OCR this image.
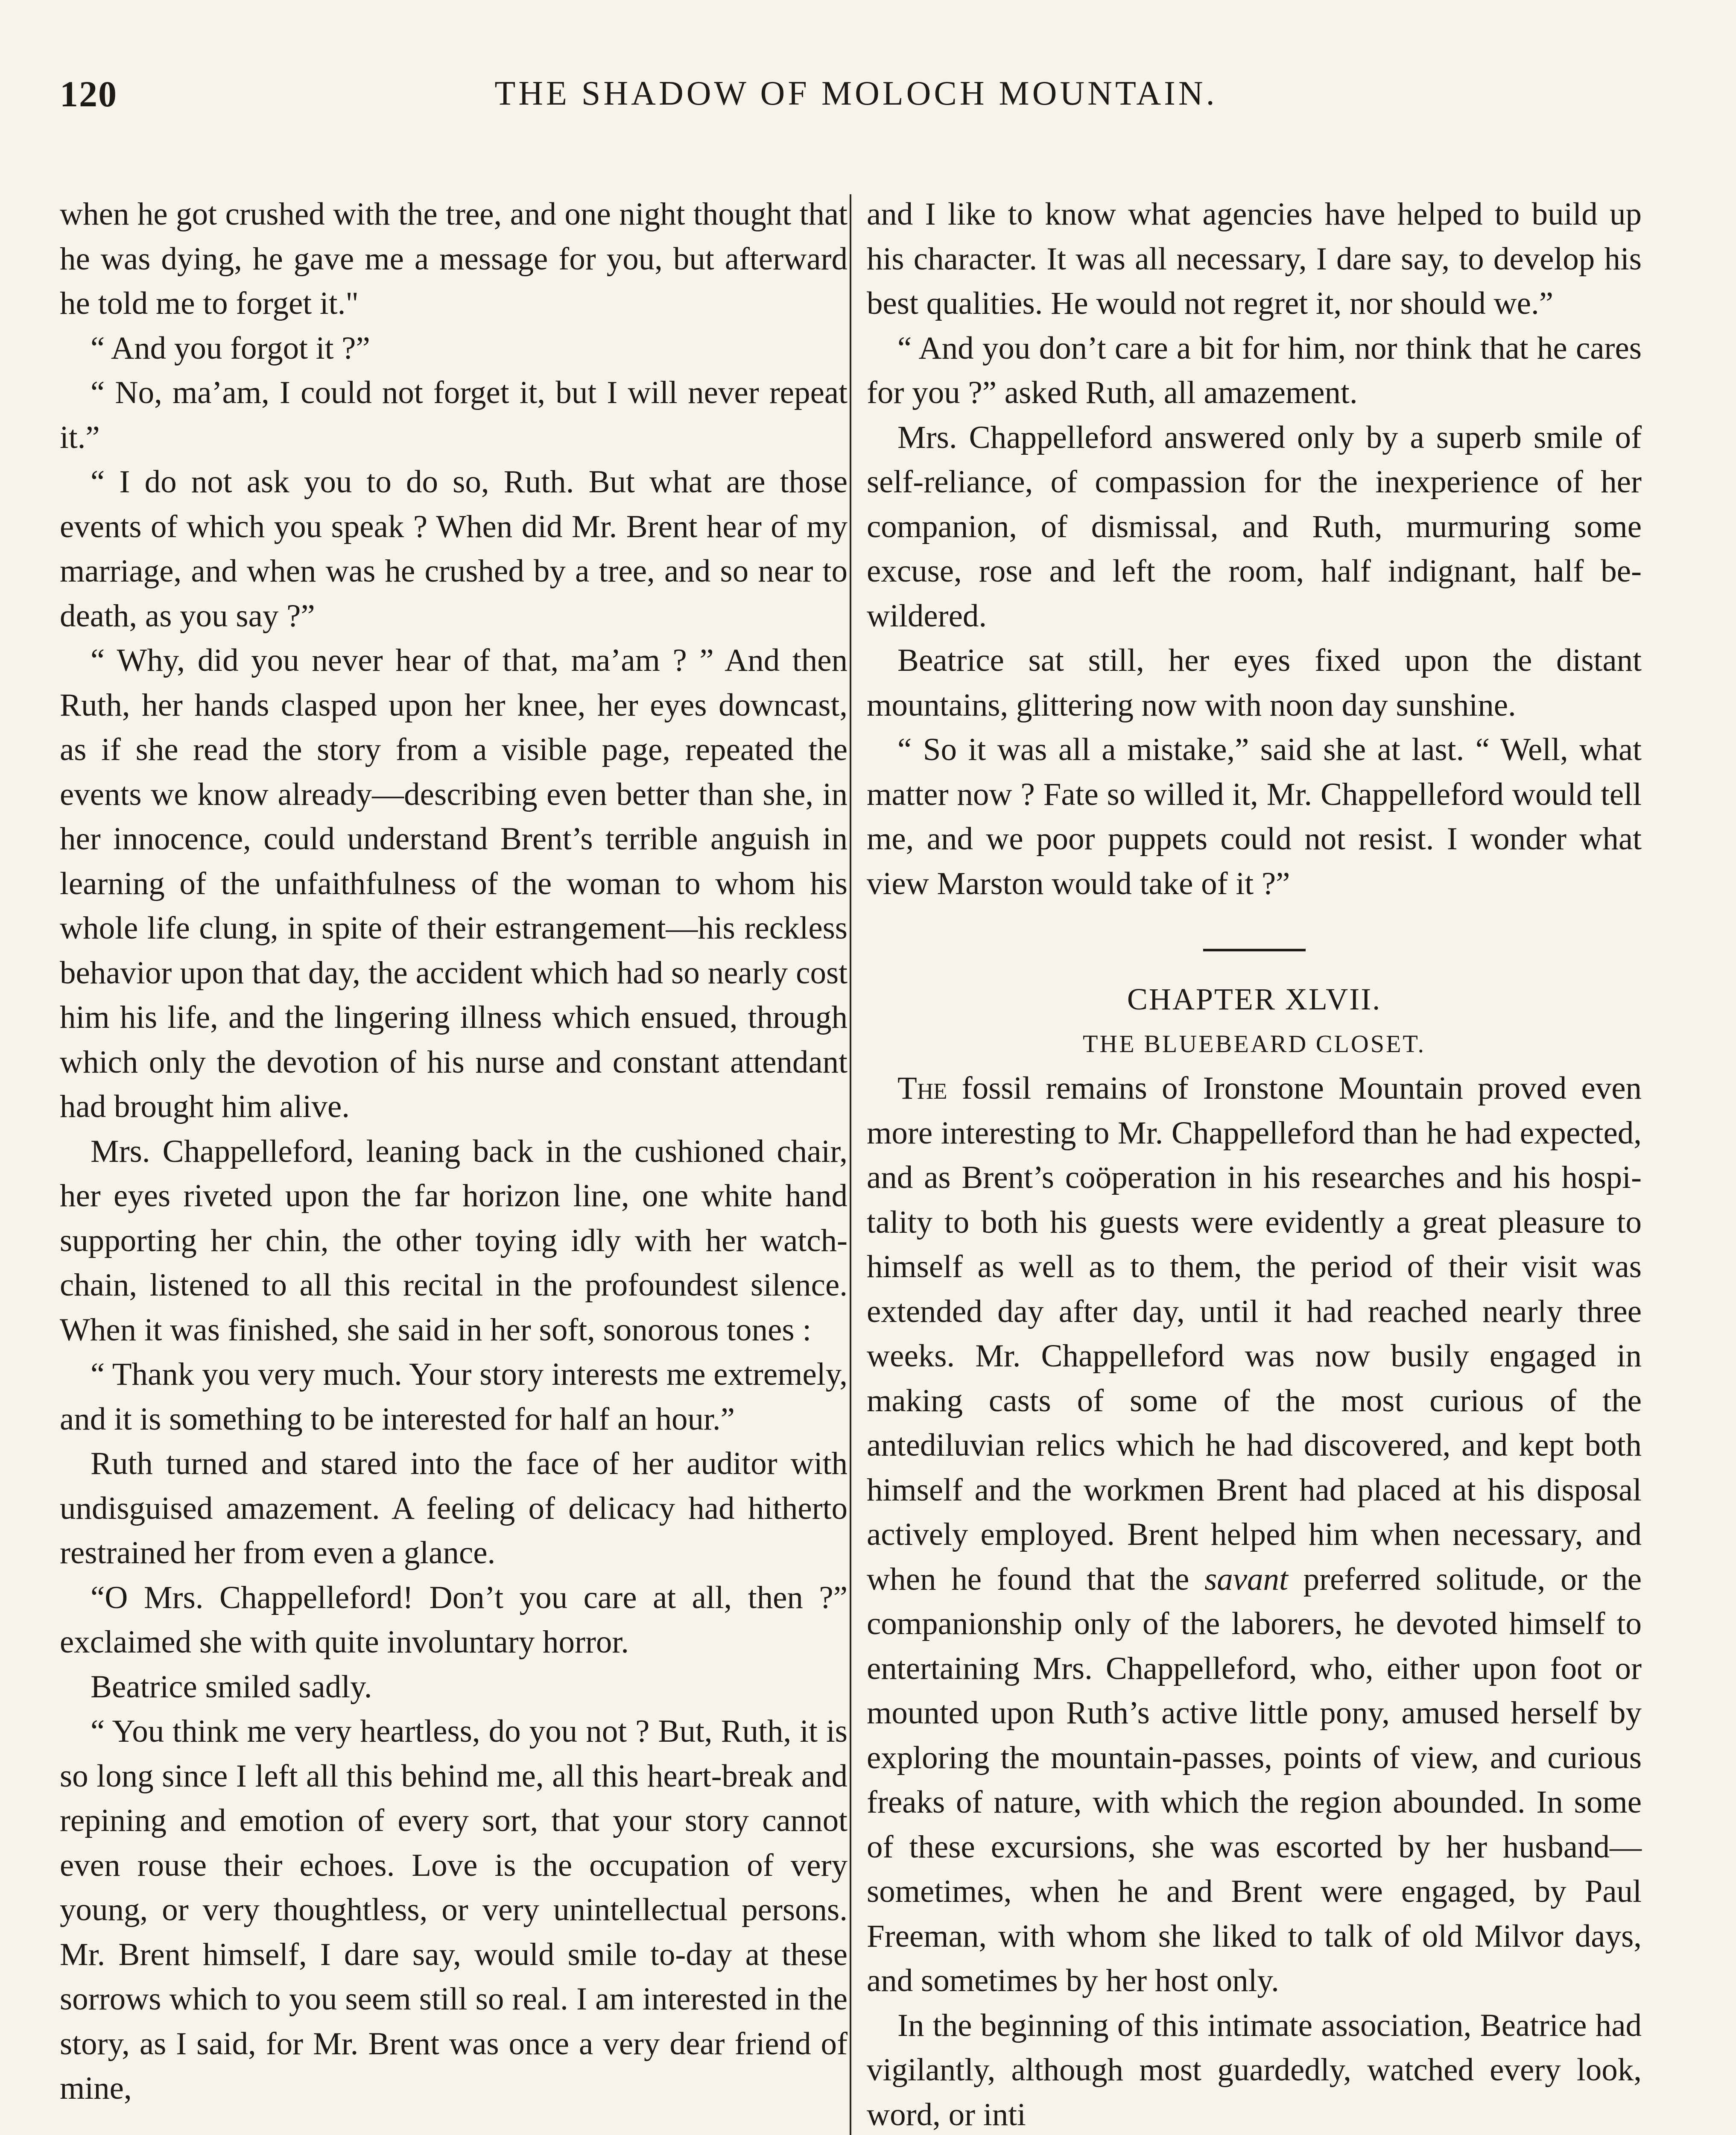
120	THE SHADOW OF MOLOCH MOUNTAIN.

when he got crushed with the tree, and one night thought that he was dying, he gave me a message for you, but afterward he told me to forget it."

“ And you forgot it ?”

“ No, ma’am, I could not forget it, but I will never repeat it.”

“ I do not ask you to do so, Ruth. But what are those events of which you speak ? When did Mr. Brent hear of my marriage, and when was he crushed by a tree, and so near to death, as you say ?”

“ Why, did you never hear of that, ma’am ? ” And then Ruth, her hands clasped upon her knee, her eyes downcast, as if she read the story from a visible page, repeated the events we know already—describing even better than she, in her innocence, could understand Brent’s terrible anguish in learning of the unfaithfulness of the woman to whom his whole life clung, in spite of their estrangement—his reckless behavior upon that day, the accident which had so nearly cost him his life, and the lingering illness which ensued, through which only the devotion of his nurse and constant attendant had brought him alive.

Mrs. Chappelleford, leaning back in the cushioned chair, her eyes riveted upon the far horizon line, one white hand supporting her chin, the other toying idly with her watch-chain, listened to all this recital in the profoundest silence. When it was finished, she said in her soft, sonorous tones :

“ Thank you very much. Your story interests me extremely, and it is something to be interested for half an hour.”

Ruth turned and stared into the face of her auditor with undisguised amazement. A feeling of delicacy had hitherto restrained her from even a glance.

“O Mrs. Chappelleford! Don’t you care at all, then ?” exclaimed she with quite involuntary horror.

Beatrice smiled sadly.

“ You think me very heartless, do you not ? But, Ruth, it is so long since I left all this behind me, all this heart-break and repining and emotion of every sort, that your story cannot even rouse their echoes. Love is the occupation of very young, or very thoughtless, or very unintellectual persons. Mr. Brent himself, I dare say, would smile to-day at these sorrows which to you seem still so real. I am interested in the story, as I said, for Mr. Brent was once a very dear friend of mine,

and I like to know what agencies have helped to build up his character. It was all necessary, I dare say, to develop his best qualities. He would not regret it, nor should we.”

“ And you don’t care a bit for him, nor think that he cares for you ?” asked Ruth, all amazement.

Mrs. Chappelleford answered only by a superb smile of self-reliance, of compassion for the inexperience of her companion, of dismissal, and Ruth, murmuring some excuse, rose and left the room, half indignant, half bewildered.

Beatrice sat still, her eyes fixed upon the distant mountains, glittering now with noon day sunshine.

“ So it was all a mistake,” said she at last. “ Well, what matter now ? Fate so willed it, Mr. Chappelleford would tell me, and we poor puppets could not resist. I wonder what view Marston would take of it ?”

CHAPTER XLVII.

THE BLUEBEARD CLOSET.

The fossil remains of Ironstone Mountain proved even more interesting to Mr. Chappelleford than he had expected, and as Brent’s coöperation in his researches and his hospitality to both his guests were evidently a great pleasure to himself as well as to them, the period of their visit was extended day after day, until it had reached nearly three weeks. Mr. Chappelleford was now busily engaged in making casts of some of the most curious of the antediluvian relics which he had discovered, and kept both himself and the workmen Brent had placed at his disposal actively employed. Brent helped him when necessary, and when he found that the savant preferred solitude, or the companionship only of the laborers, he devoted himself to entertaining Mrs. Chappelleford, who, either upon foot or mounted upon Ruth’s active little pony, amused herself by exploring the mountain-passes, points of view, and curious freaks of nature, with which the region abounded. In some of these excursions, she was escorted by her husband—sometimes, when he and Brent were engaged, by Paul Freeman, with whom she liked to talk of old Milvor days, and sometimes by her host only.

In the beginning of this intimate association, Beatrice had vigilantly, although most guardedly, watched every look, word, or inti
